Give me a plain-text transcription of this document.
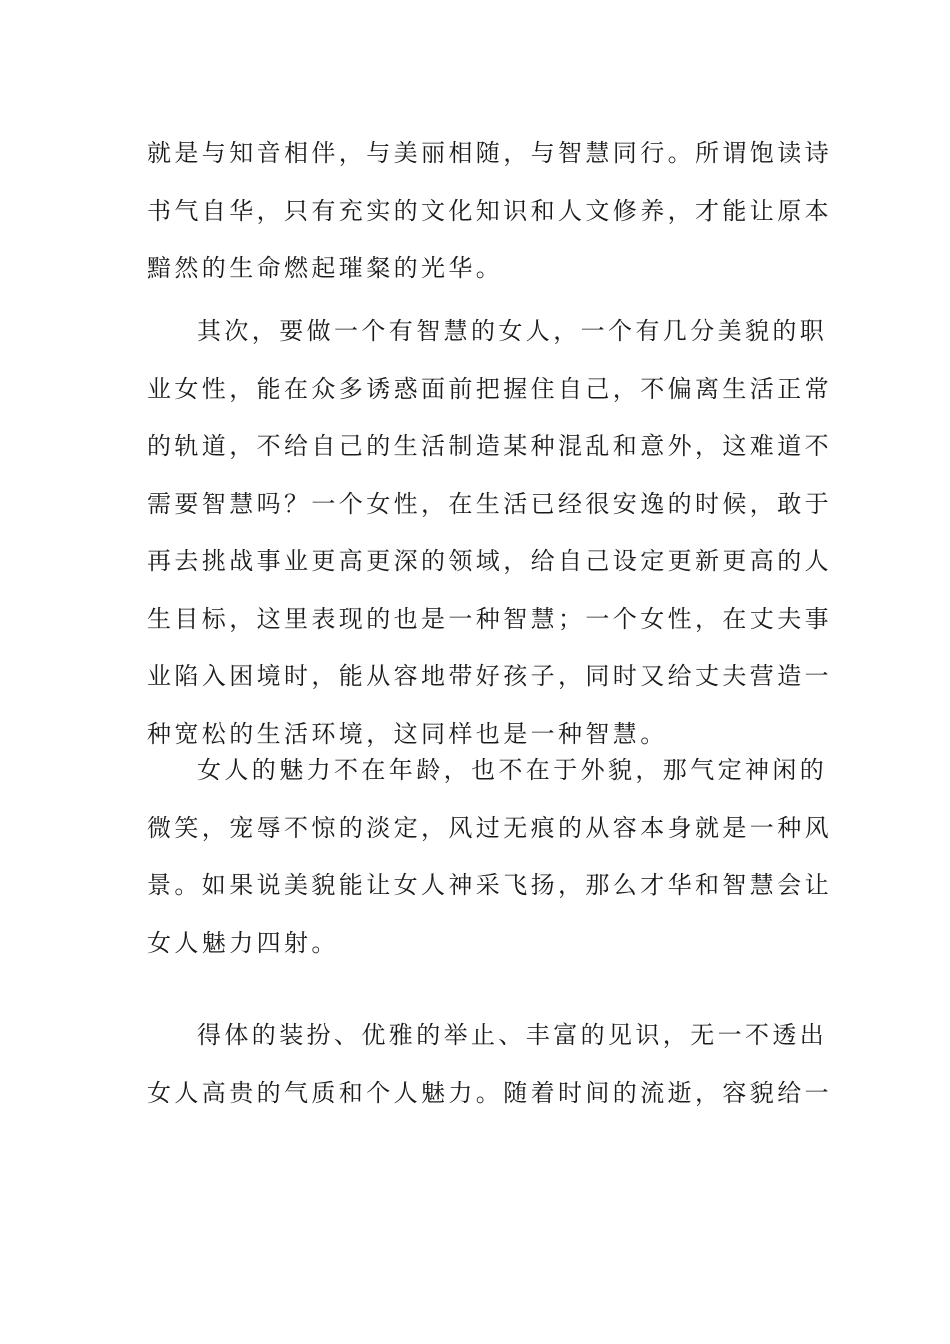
就是与知音相伴，与美丽相随，与智慧同行。所谓饱读诗
书气自华，只有充实的文化知识和人文修养，才能让原本
黯然的生命燃起璀粲的光华。
其次，要做一个有智慧的女人，一个有几分美貌的职
业女性，能在众多诱惑面前把握住自己，不偏离生活正常
的轨道，不给自己的生活制造某种混乱和意外，这难道不
需要智慧吗？一个女性，在生活已经很安逸的时候，敢于
再去挑战事业更高更深的领域，给自己设定更新更高的人
生目标，这里表现的也是一种智慧；一个女性，在丈夫事
业陷入困境时，能从容地带好孩子，同时又给丈夫营造一
种宽松的生活环境，这同样也是一种智慧。
女人的魅力不在年龄，也不在于外貌，那气定神闲的
微笑，宠辱不惊的淡定，风过无痕的从容本身就是一种风
景。如果说美貌能让女人神采飞扬，那么才华和智慧会让
女人魅力四射。
得体的装扮、优雅的举止、丰富的见识，无一不透出
女人高贵的气质和个人魅力。随着时间的流逝，容貌给一
